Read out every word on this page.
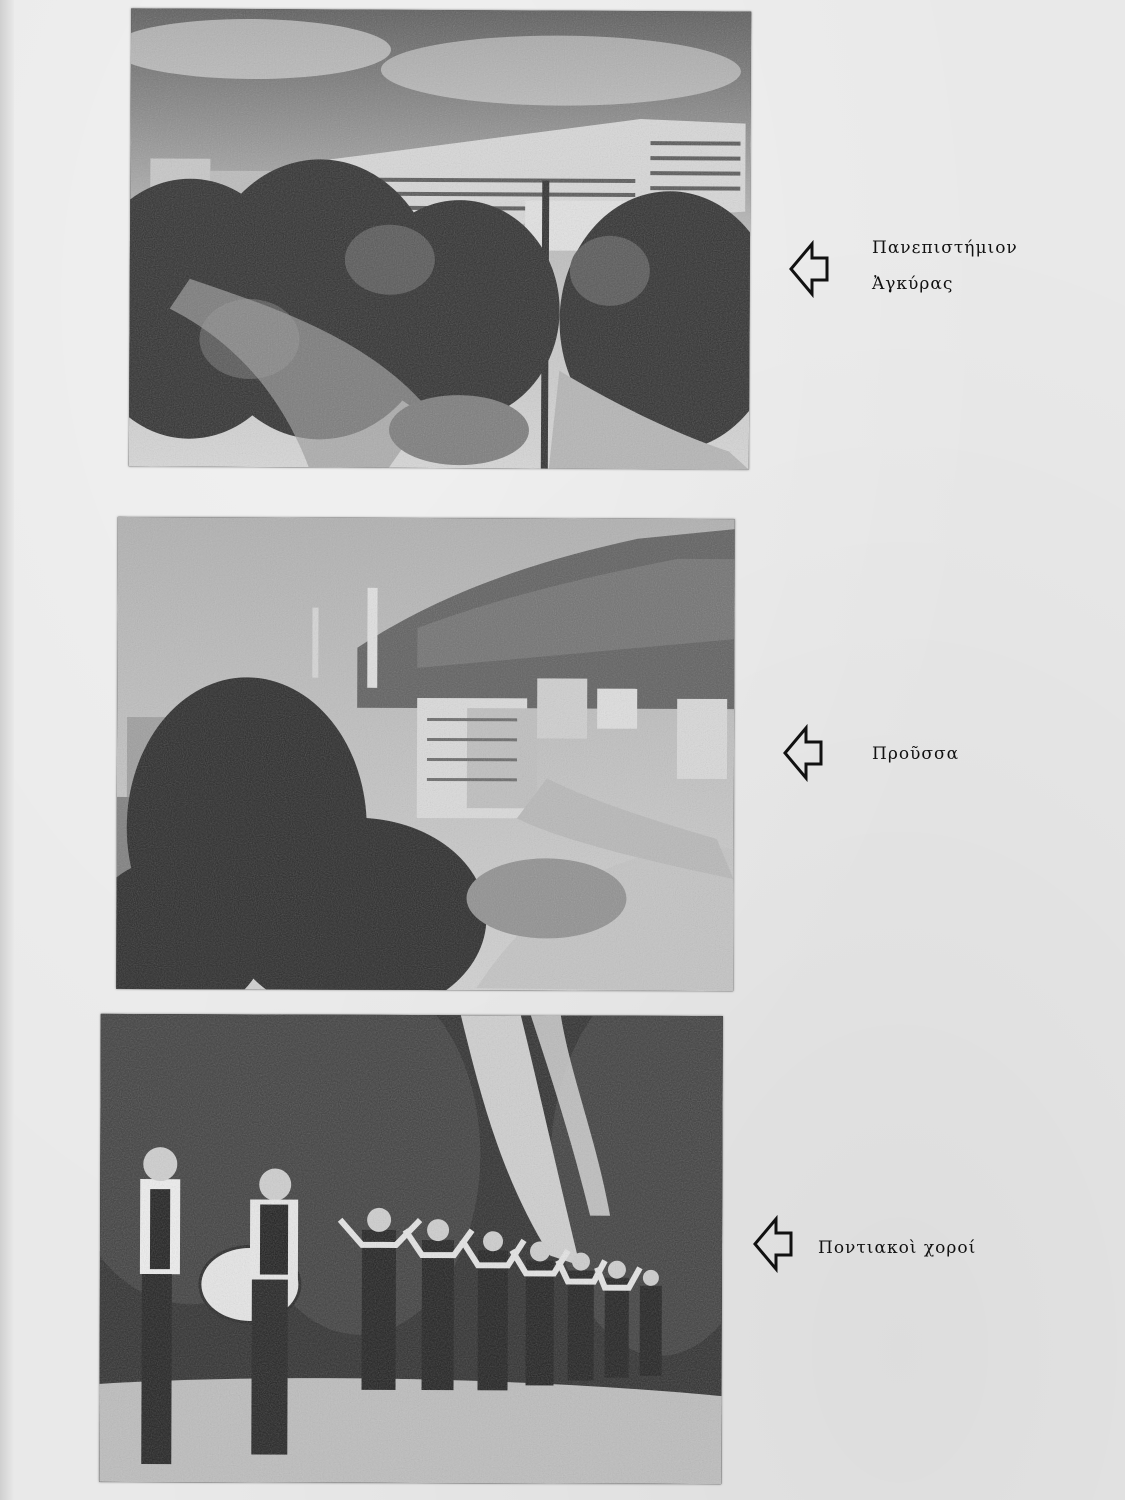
Πανεπιστήμιον
Ἀγκύρας
Προῦσσα
Ποντιακοὶ χοροί
